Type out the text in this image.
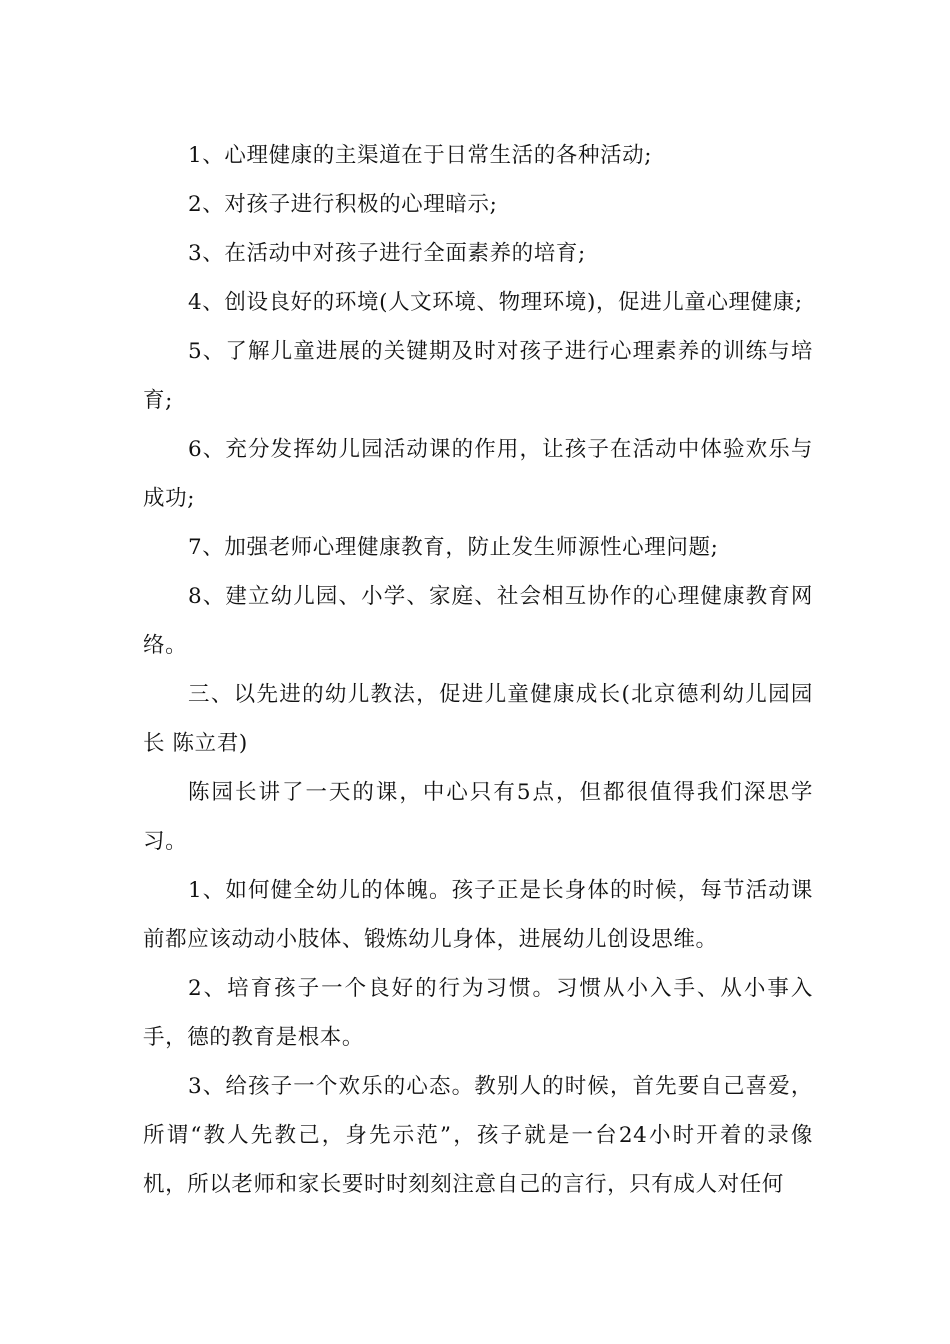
1、心理健康的主渠道在于日常生活的各种活动;

2、对孩子进行积极的心理暗示;

3、在活动中对孩子进行全面素养的培育;

4、创设良好的环境(人文环境、物理环境)，促进儿童心理健康;

5、了解儿童进展的关键期及时对孩子进行心理素养的训练与培育;

6、充分发挥幼儿园活动课的作用，让孩子在活动中体验欢乐与成功;

7、加强老师心理健康教育，防止发生师源性心理问题;

8、建立幼儿园、小学、家庭、社会相互协作的心理健康教育网络。

三、以先进的幼儿教法，促进儿童健康成长(北京德利幼儿园园长 陈立君)

陈园长讲了一天的课，中心只有5点，但都很值得我们深思学习。

1、如何健全幼儿的体魄。孩子正是长身体的时候，每节活动课前都应该动动小肢体、锻炼幼儿身体，进展幼儿创设思维。

2、培育孩子一个良好的行为习惯。习惯从小入手、从小事入手，德的教育是根本。

3、给孩子一个欢乐的心态。教别人的时候，首先要自己喜爱，所谓“教人先教己，身先示范”，孩子就是一台24小时开着的录像机，所以老师和家长要时时刻刻注意自己的言行，只有成人对任何
